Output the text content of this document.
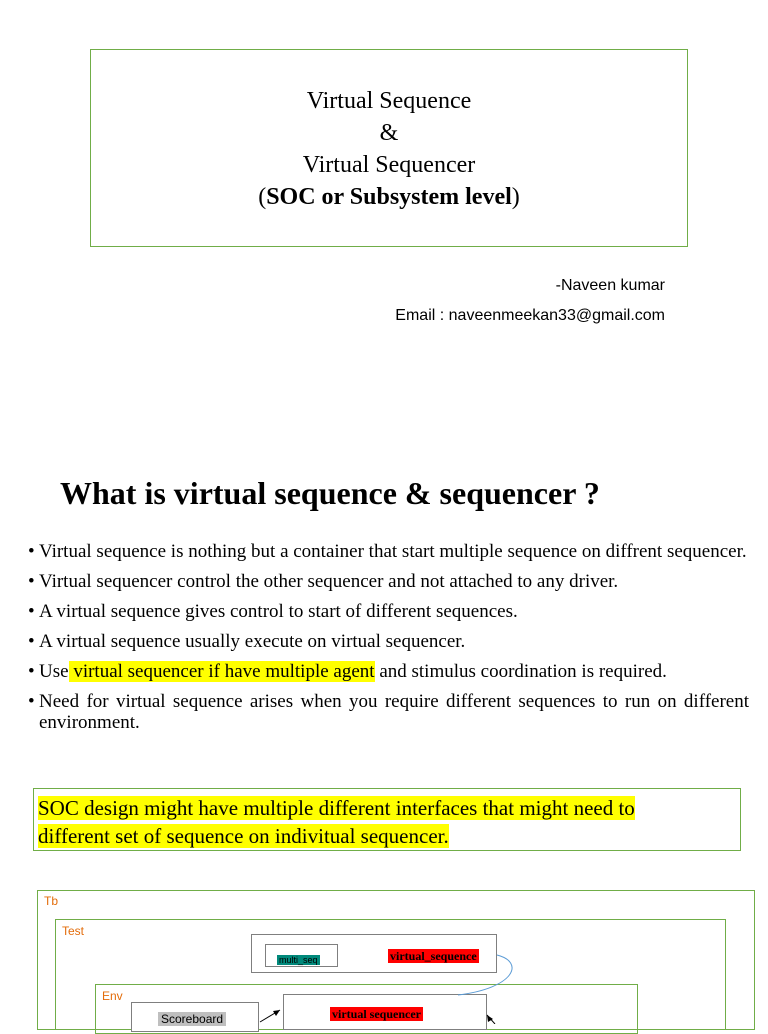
Virtual Sequence
&
Virtual Sequencer
(SOC or Subsystem level)
-Naveen kumar
Email : naveenmeekan33@gmail.com
What is virtual sequence & sequencer ?
• Virtual sequence is nothing but a container that start multiple sequence on diffrent sequencer.
• Virtual sequencer control the other sequencer and not attached to any driver.
• A virtual sequence gives control to start of different sequences.
• A virtual sequence usually execute on virtual sequencer.
• Use virtual sequencer if have multiple agent and stimulus coordination is required.
• Need for virtual sequence arises when you require different sequences to run on different environment.
SOC design might have multiple different interfaces that might need to
different set of sequence on indivitual sequencer.
Tb
Test
multi_seq	virtual_sequence
Env
Scoreboard	virtual sequencer
